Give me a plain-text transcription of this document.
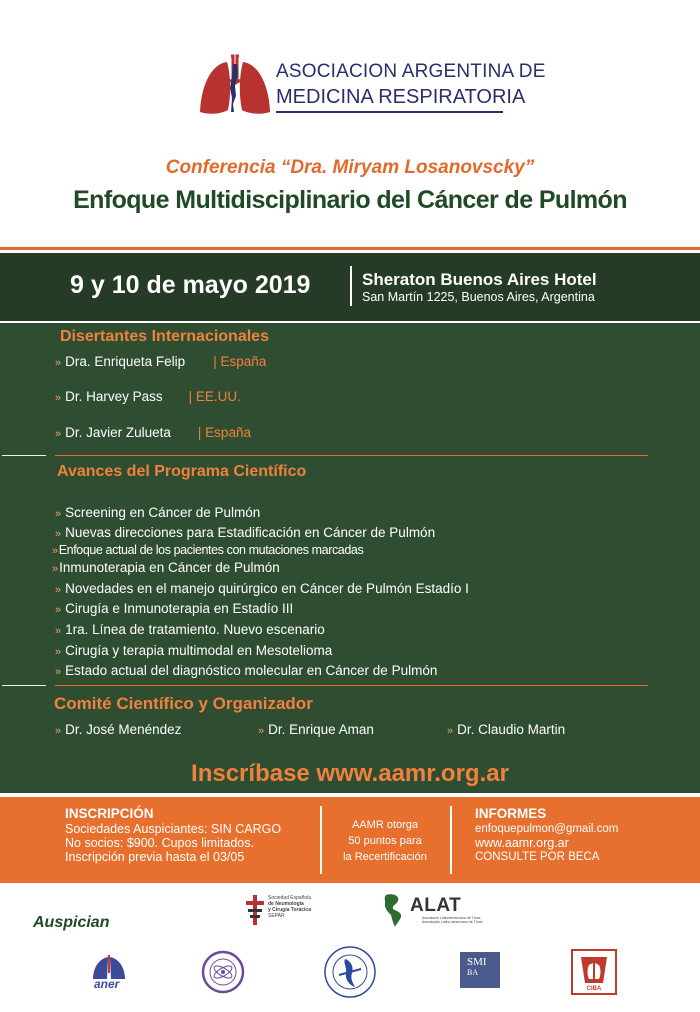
ASOCIACION ARGENTINA DE
MEDICINA RESPIRATORIA
Conferencia “Dra. Miryam Losanovscky”
Enfoque Multidisciplinario del Cáncer de Pulmón
9 y 10 de mayo 2019	Sheraton Buenos Aires Hotel
San Martín 1225, Buenos Aires, Argentina
Disertantes Internacionales
» Dra. Enriqueta Felip | España
» Dr. Harvey Pass | EE.UU.
» Dr. Javier Zulueta | España
Avances del Programa Científico
» Screening en Cáncer de Pulmón
» Nuevas direcciones para Estadificación en Cáncer de Pulmón
»Enfoque actual de los pacientes con mutaciones marcadas
»Inmunoterapia en Cáncer de Pulmón
» Novedades en el manejo quirúrgico en Cáncer de Pulmón Estadío I
» Cirugía e Inmunoterapia en Estadío III
» 1ra. Línea de tratamiento. Nuevo escenario
» Cirugía y terapia multimodal en Mesotelioma
» Estado actual del diagnóstico molecular en Cáncer de Pulmón
Comité Científico y Organizador
» Dr. José Menéndez	» Dr. Enrique Aman	» Dr. Claudio Martin
Inscríbase www.aamr.org.ar
INSCRIPCIÓN
Sociedades Auspiciantes: SIN CARGO
No socios: $900. Cupos limitados.
Inscripción previa hasta el 03/05
AAMR otorga
50 puntos para
la Recertificación
INFORMES
enfoquepulmon@gmail.com
www.aamr.org.ar
CONSULTE POR BECA
Auspician
Sociedad Española
de Neumología
y Cirugía Torácica
SEPAR	ALAT
Asociación Latinoamericana de Tórax
Associação Latino-americana de Tórax
aner
SMI
BA
CIBA
